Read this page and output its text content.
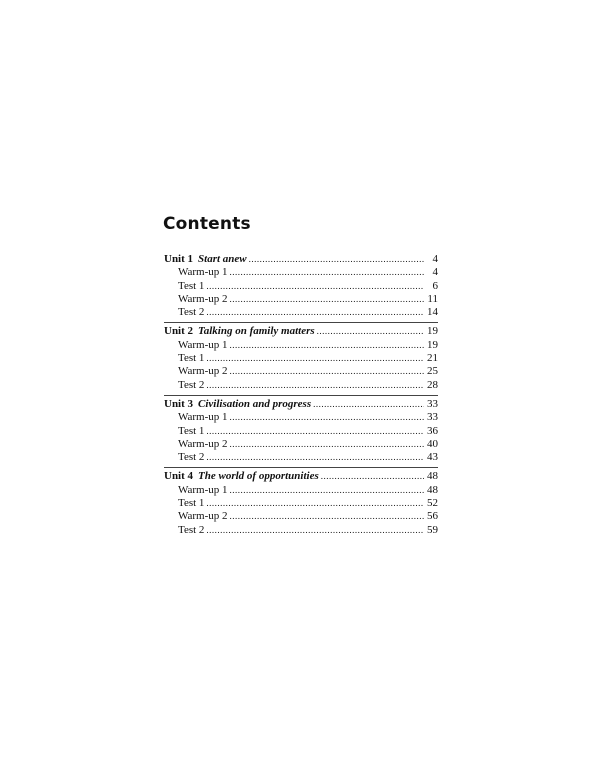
Contents
Unit 1 Start anew .....	4
Warm-up 1 .....	4
Test 1 .....	6
Warm-up 2 .....	11
Test 2 .....	14
Unit 2 Talking on family matters .....	19
Warm-up 1 .....	19
Test 1 .....	21
Warm-up 2 .....	25
Test 2 .....	28
Unit 3 Civilisation and progress .....	33
Warm-up 1 .....	33
Test 1 .....	36
Warm-up 2 .....	40
Test 2 .....	43
Unit 4 The world of opportunities .....	48
Warm-up 1 .....	48
Test 1 .....	52
Warm-up 2 .....	56
Test 2 .....	59
